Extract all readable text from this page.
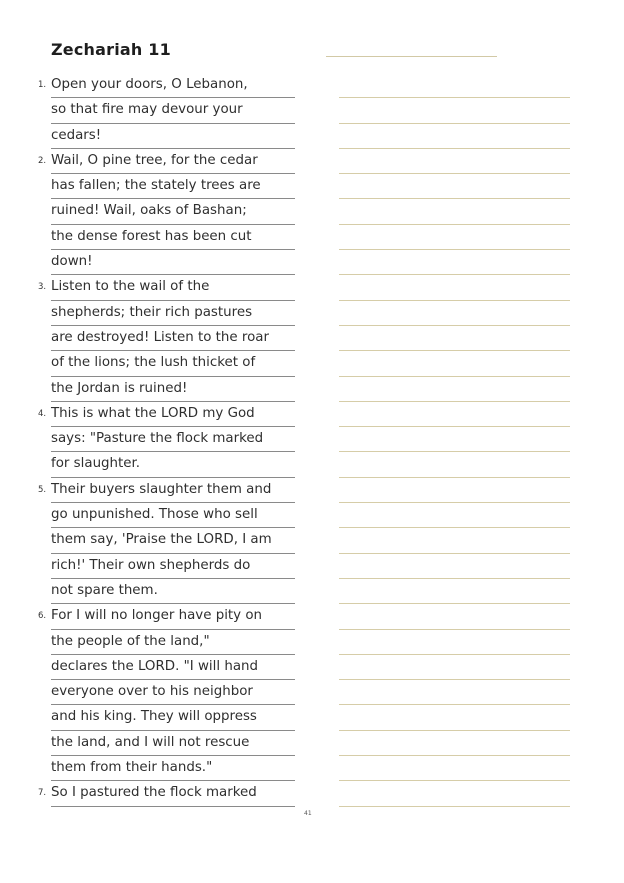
Zechariah 11
1. Open your doors, O Lebanon,
so that fire may devour your
cedars!
2. Wail, O pine tree, for the cedar
has fallen; the stately trees are
ruined! Wail, oaks of Bashan;
the dense forest has been cut
down!
3. Listen to the wail of the
shepherds; their rich pastures
are destroyed! Listen to the roar
of the lions; the lush thicket of
the Jordan is ruined!
4. This is what the LORD my God
says: "Pasture the flock marked
for slaughter.
5. Their buyers slaughter them and
go unpunished. Those who sell
them say, 'Praise the LORD, I am
rich!' Their own shepherds do
not spare them.
6. For I will no longer have pity on
the people of the land,"
declares the LORD. "I will hand
everyone over to his neighbor
and his king. They will oppress
the land, and I will not rescue
them from their hands."
7. So I pastured the flock marked
41
